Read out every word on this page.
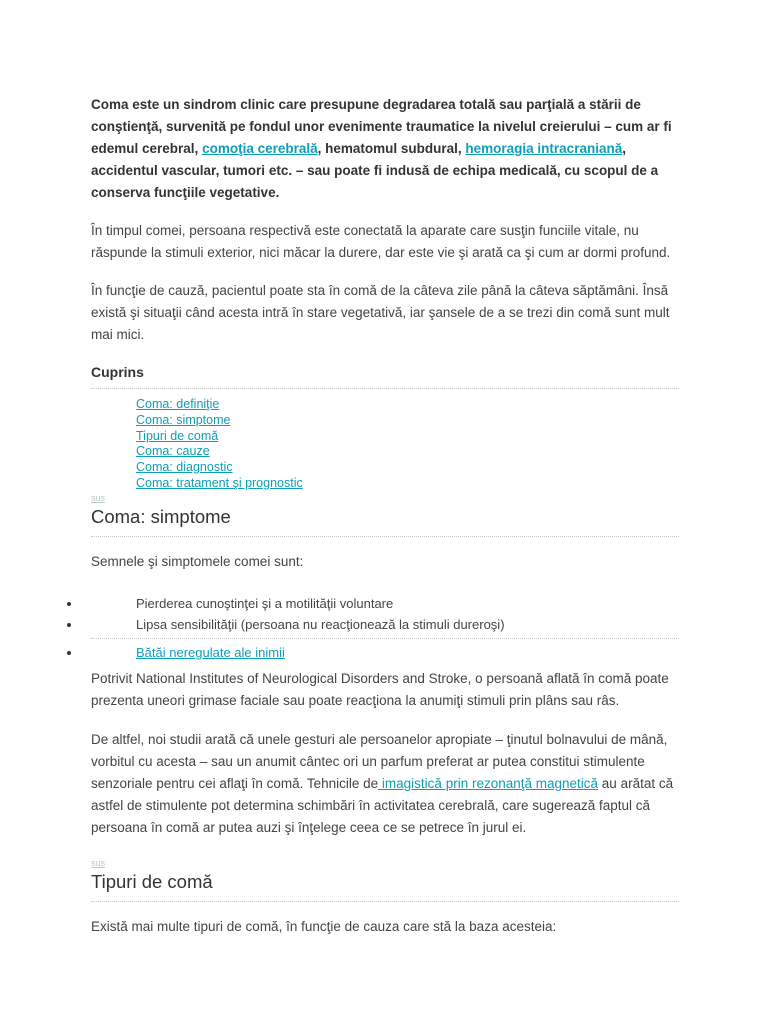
Coma este un sindrom clinic care presupune degradarea totală sau parţială a stării de conştienţă, survenită pe fondul unor evenimente traumatice la nivelul creierului – cum ar fi edemul cerebral, comoţia cerebrală, hematomul subdural, hemoragia intracraniană, accidentul vascular, tumori etc. – sau poate fi indusă de echipa medicală, cu scopul de a conserva funcţiile vegetative.

În timpul comei, persoana respectivă este conectată la aparate care susţin funciile vitale, nu răspunde la stimuli exterior, nici măcar la durere, dar este vie şi arată ca şi cum ar dormi profund.

În funcţie de cauză, pacientul poate sta în comă de la câteva zile până la câteva săptămâni. Însă există şi situaţii când acesta intră în stare vegetativă, iar şansele de a se trezi din comă sunt mult mai mici.

Cuprins
Coma: definiţie
Coma: simptome
Tipuri de comă
Coma: cauze
Coma: diagnostic
Coma: tratament şi prognostic
sus
Coma: simptome

Semnele şi simptomele comei sunt:

Pierderea cunoştinţei şi a motilităţii voluntare
Lipsa sensibilităţii (persoana nu reacţionează la stimuli dureroşi)
Bătăi neregulate ale inimii

Potrivit National Institutes of Neurological Disorders and Stroke, o persoană aflată în comă poate prezenta uneori grimase faciale sau poate reacţiona la anumiţi stimuli prin plâns sau râs.

De altfel, noi studii arată că unele gesturi ale persoanelor apropiate – ţinutul bolnavului de mână, vorbitul cu acesta – sau un anumit cântec ori un parfum preferat ar putea constitui stimulente senzoriale pentru cei aflaţi în comă. Tehnicile de imagistică prin rezonanţă magnetică au arătat că astfel de stimulente pot determina schimbări în activitatea cerebrală, care sugerează faptul că persoana în comă ar putea auzi şi înţelege ceea ce se petrece în jurul ei.

sus
Tipuri de comă

Există mai multe tipuri de comă, în funcţie de cauza care stă la baza acesteia:
